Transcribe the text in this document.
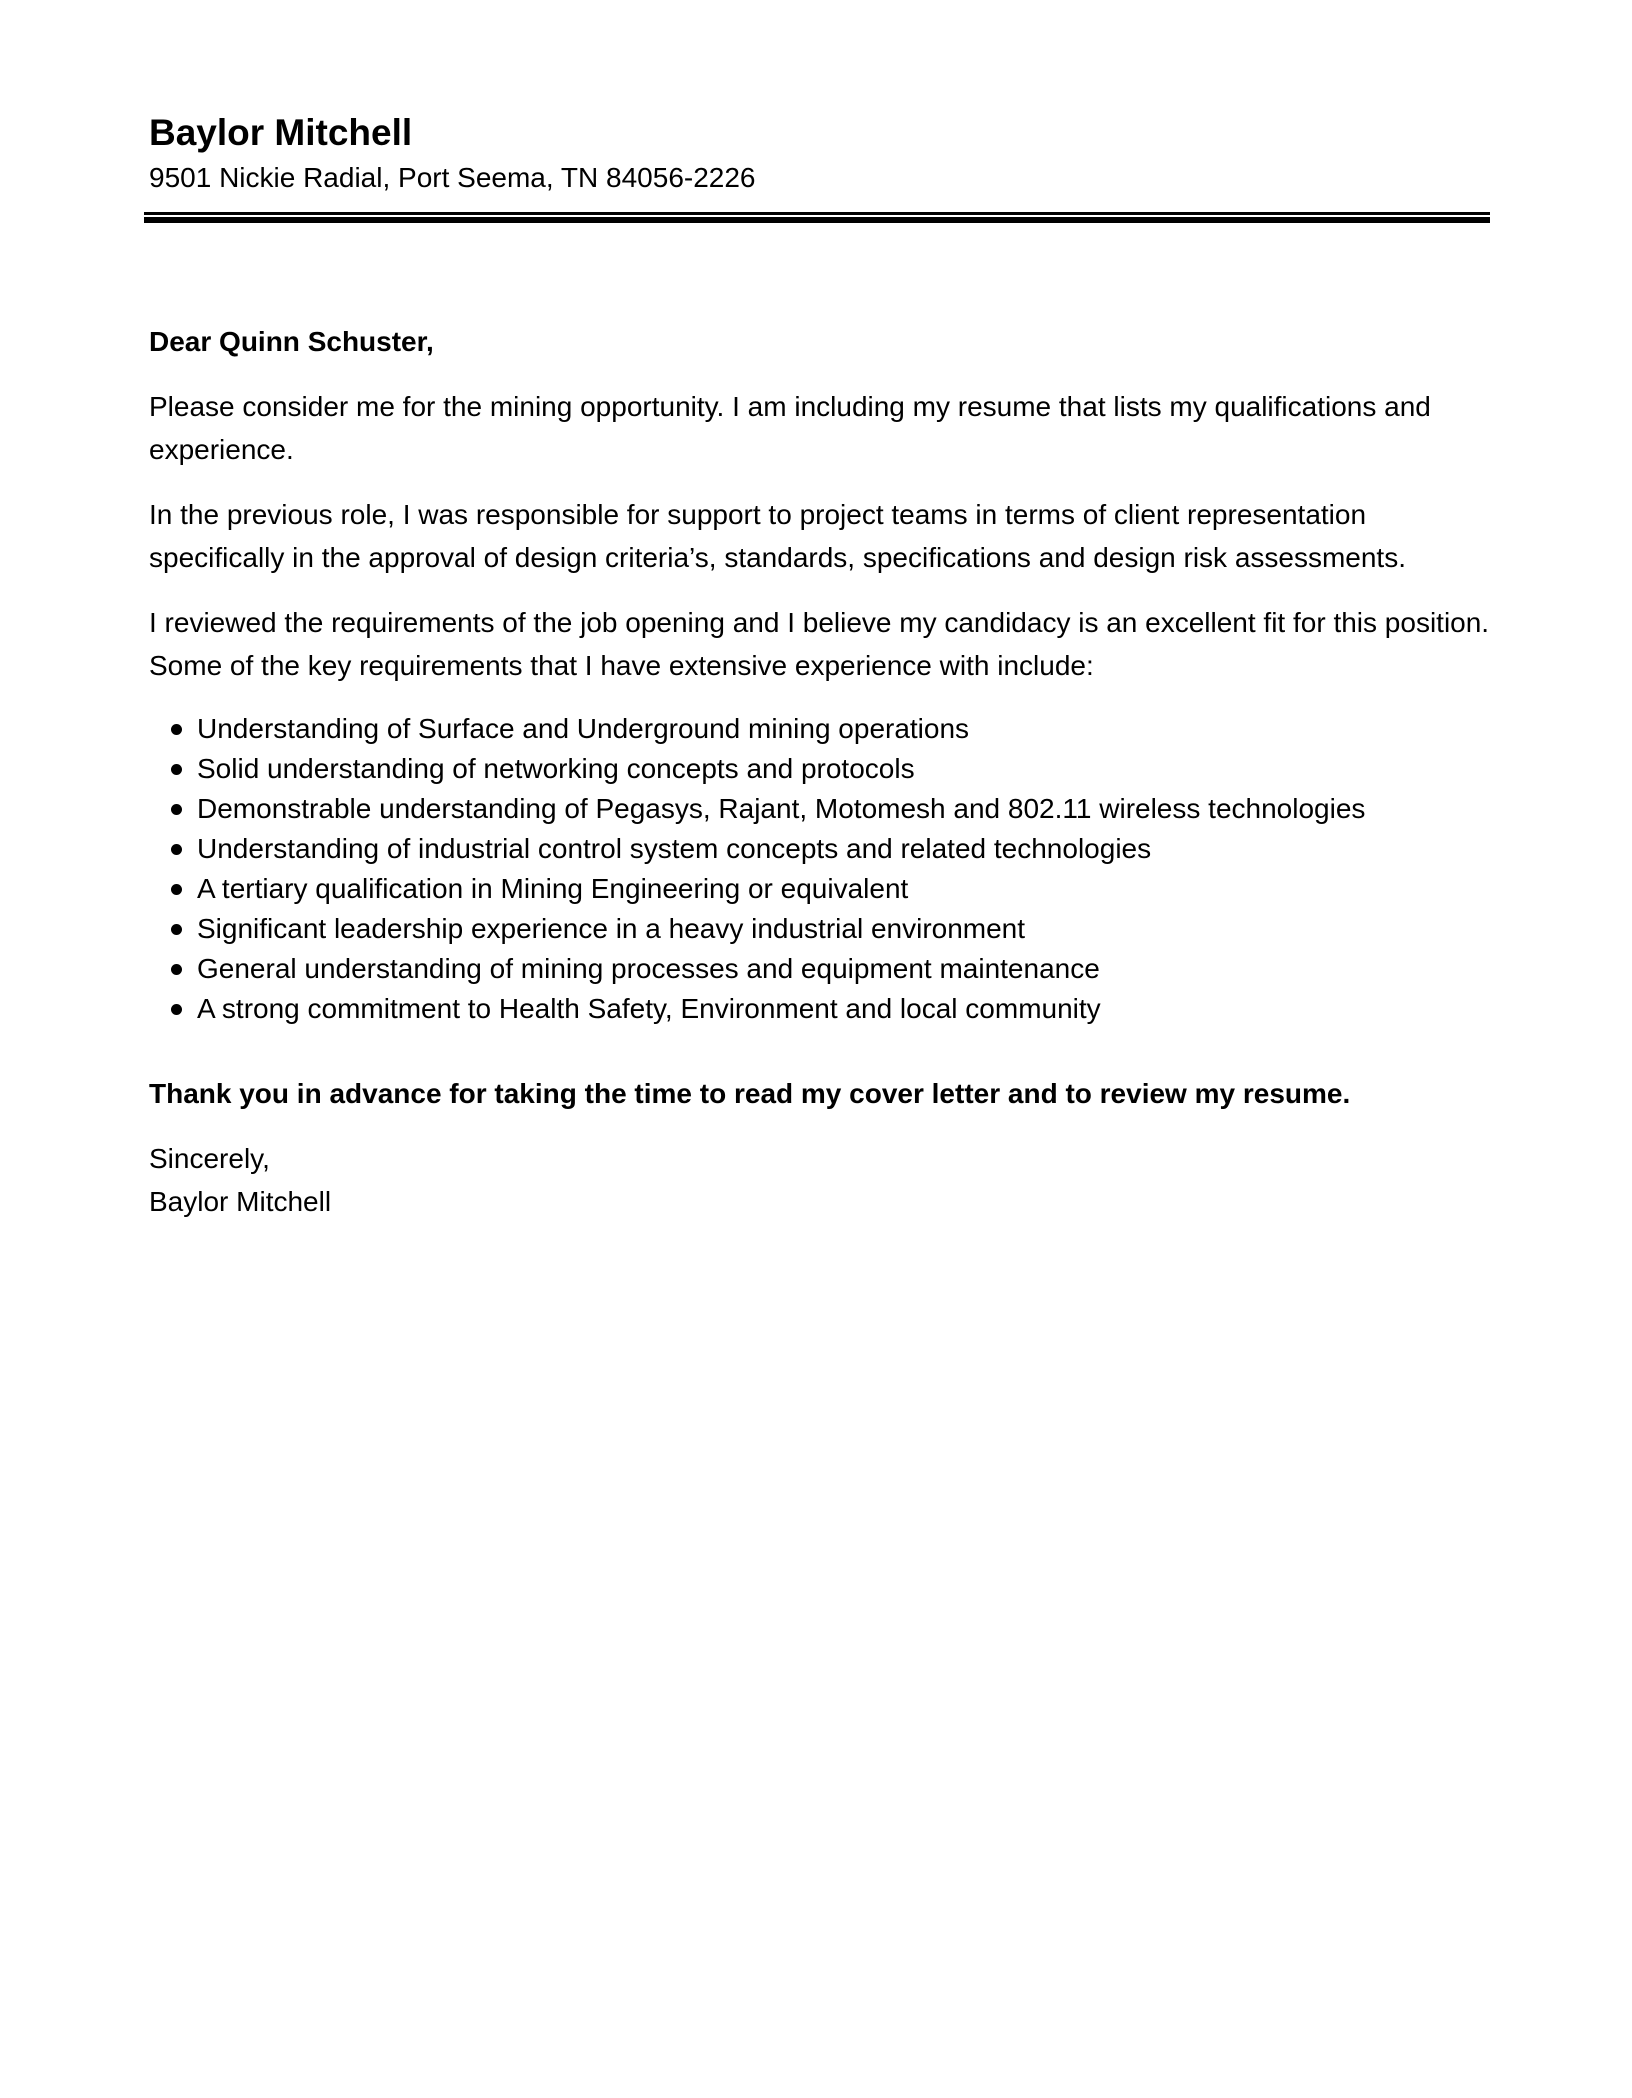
Baylor Mitchell

9501 Nickie Radial, Port Seema, TN 84056-2226

Dear Quinn Schuster,

Please consider me for the mining opportunity. I am including my resume that lists my qualifications and experience.

In the previous role, I was responsible for support to project teams in terms of client representation specifically in the approval of design criteria’s, standards, specifications and design risk assessments.

I reviewed the requirements of the job opening and I believe my candidacy is an excellent fit for this position. Some of the key requirements that I have extensive experience with include:

Understanding of Surface and Underground mining operations
Solid understanding of networking concepts and protocols
Demonstrable understanding of Pegasys, Rajant, Motomesh and 802.11 wireless technologies
Understanding of industrial control system concepts and related technologies
A tertiary qualification in Mining Engineering or equivalent
Significant leadership experience in a heavy industrial environment
General understanding of mining processes and equipment maintenance
A strong commitment to Health Safety, Environment and local community

Thank you in advance for taking the time to read my cover letter and to review my resume.

Sincerely,

Baylor Mitchell
